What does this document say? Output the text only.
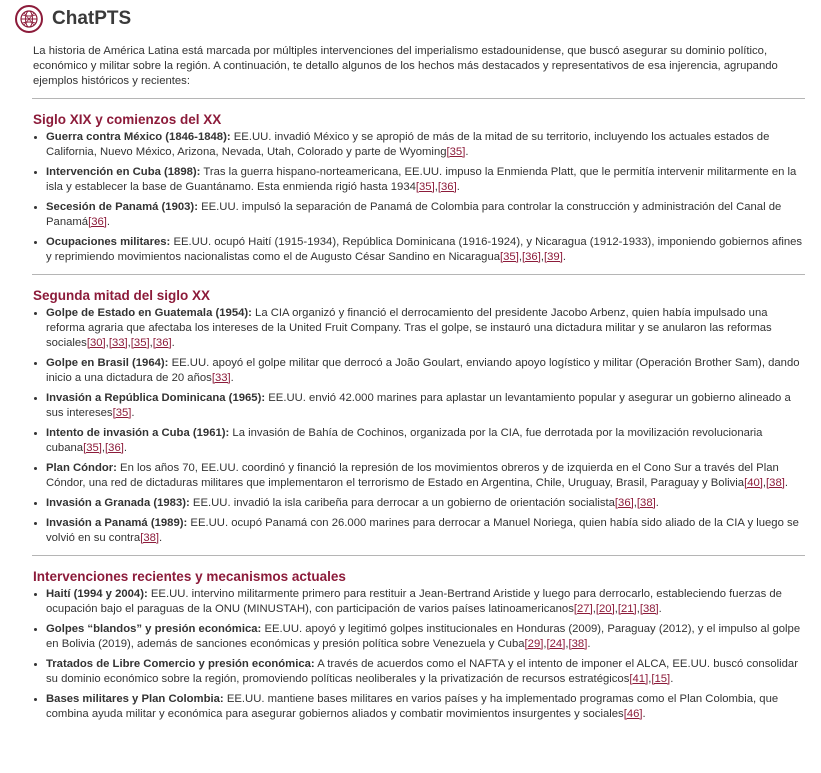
ChatPTS

La historia de América Latina está marcada por múltiples intervenciones del imperialismo estadounidense, que buscó asegurar su dominio político, económico y militar sobre la región. A continuación, te detallo algunos de los hechos más destacados y representativos de esa injerencia, agrupando ejemplos históricos y recientes:

Siglo XIX y comienzos del XX
• Guerra contra México (1846-1848): EE.UU. invadió México y se apropió de más de la mitad de su territorio, incluyendo los actuales estados de California, Nuevo México, Arizona, Nevada, Utah, Colorado y parte de Wyoming[35].
• Intervención en Cuba (1898): Tras la guerra hispano-norteamericana, EE.UU. impuso la Enmienda Platt, que le permitía intervenir militarmente en la isla y establecer la base de Guantánamo. Esta enmienda rigió hasta 1934[35],[36].
• Secesión de Panamá (1903): EE.UU. impulsó la separación de Panamá de Colombia para controlar la construcción y administración del Canal de Panamá[36].
• Ocupaciones militares: EE.UU. ocupó Haití (1915-1934), República Dominicana (1916-1924), y Nicaragua (1912-1933), imponiendo gobiernos afines y reprimiendo movimientos nacionalistas como el de Augusto César Sandino en Nicaragua[35],[36],[39].
Segunda mitad del siglo XX
• Golpe de Estado en Guatemala (1954): La CIA organizó y financió el derrocamiento del presidente Jacobo Arbenz, quien había impulsado una reforma agraria que afectaba los intereses de la United Fruit Company. Tras el golpe, se instauró una dictadura militar y se anularon las reformas sociales[30],[33],[35],[36].
• Golpe en Brasil (1964): EE.UU. apoyó el golpe militar que derrocó a João Goulart, enviando apoyo logístico y militar (Operación Brother Sam), dando inicio a una dictadura de 20 años[33].
• Invasión a República Dominicana (1965): EE.UU. envió 42.000 marines para aplastar un levantamiento popular y asegurar un gobierno alineado a sus intereses[35].
• Intento de invasión a Cuba (1961): La invasión de Bahía de Cochinos, organizada por la CIA, fue derrotada por la movilización revolucionaria cubana[35],[36].
• Plan Cóndor: En los años 70, EE.UU. coordinó y financió la represión de los movimientos obreros y de izquierda en el Cono Sur a través del Plan Cóndor, una red de dictaduras militares que implementaron el terrorismo de Estado en Argentina, Chile, Uruguay, Brasil, Paraguay y Bolivia[40],[38].
• Invasión a Granada (1983): EE.UU. invadió la isla caribeña para derrocar a un gobierno de orientación socialista[36],[38].
• Invasión a Panamá (1989): EE.UU. ocupó Panamá con 26.000 marines para derrocar a Manuel Noriega, quien había sido aliado de la CIA y luego se volvió en su contra[38].
Intervenciones recientes y mecanismos actuales
• Haití (1994 y 2004): EE.UU. intervino militarmente primero para restituir a Jean-Bertrand Aristide y luego para derrocarlo, estableciendo fuerzas de ocupación bajo el paraguas de la ONU (MINUSTAH), con participación de varios países latinoamericanos[27],[20],[21],[38].
• Golpes “blandos” y presión económica: EE.UU. apoyó y legitimó golpes institucionales en Honduras (2009), Paraguay (2012), y el impulso al golpe en Bolivia (2019), además de sanciones económicas y presión política sobre Venezuela y Cuba[29],[24],[38].
• Tratados de Libre Comercio y presión económica: A través de acuerdos como el NAFTA y el intento de imponer el ALCA, EE.UU. buscó consolidar su dominio económico sobre la región, promoviendo políticas neoliberales y la privatización de recursos estratégicos[41],[15].
• Bases militares y Plan Colombia: EE.UU. mantiene bases militares en varios países y ha implementado programas como el Plan Colombia, que combina ayuda militar y económica para asegurar gobiernos aliados y combatir movimientos insurgentes y sociales[46].
